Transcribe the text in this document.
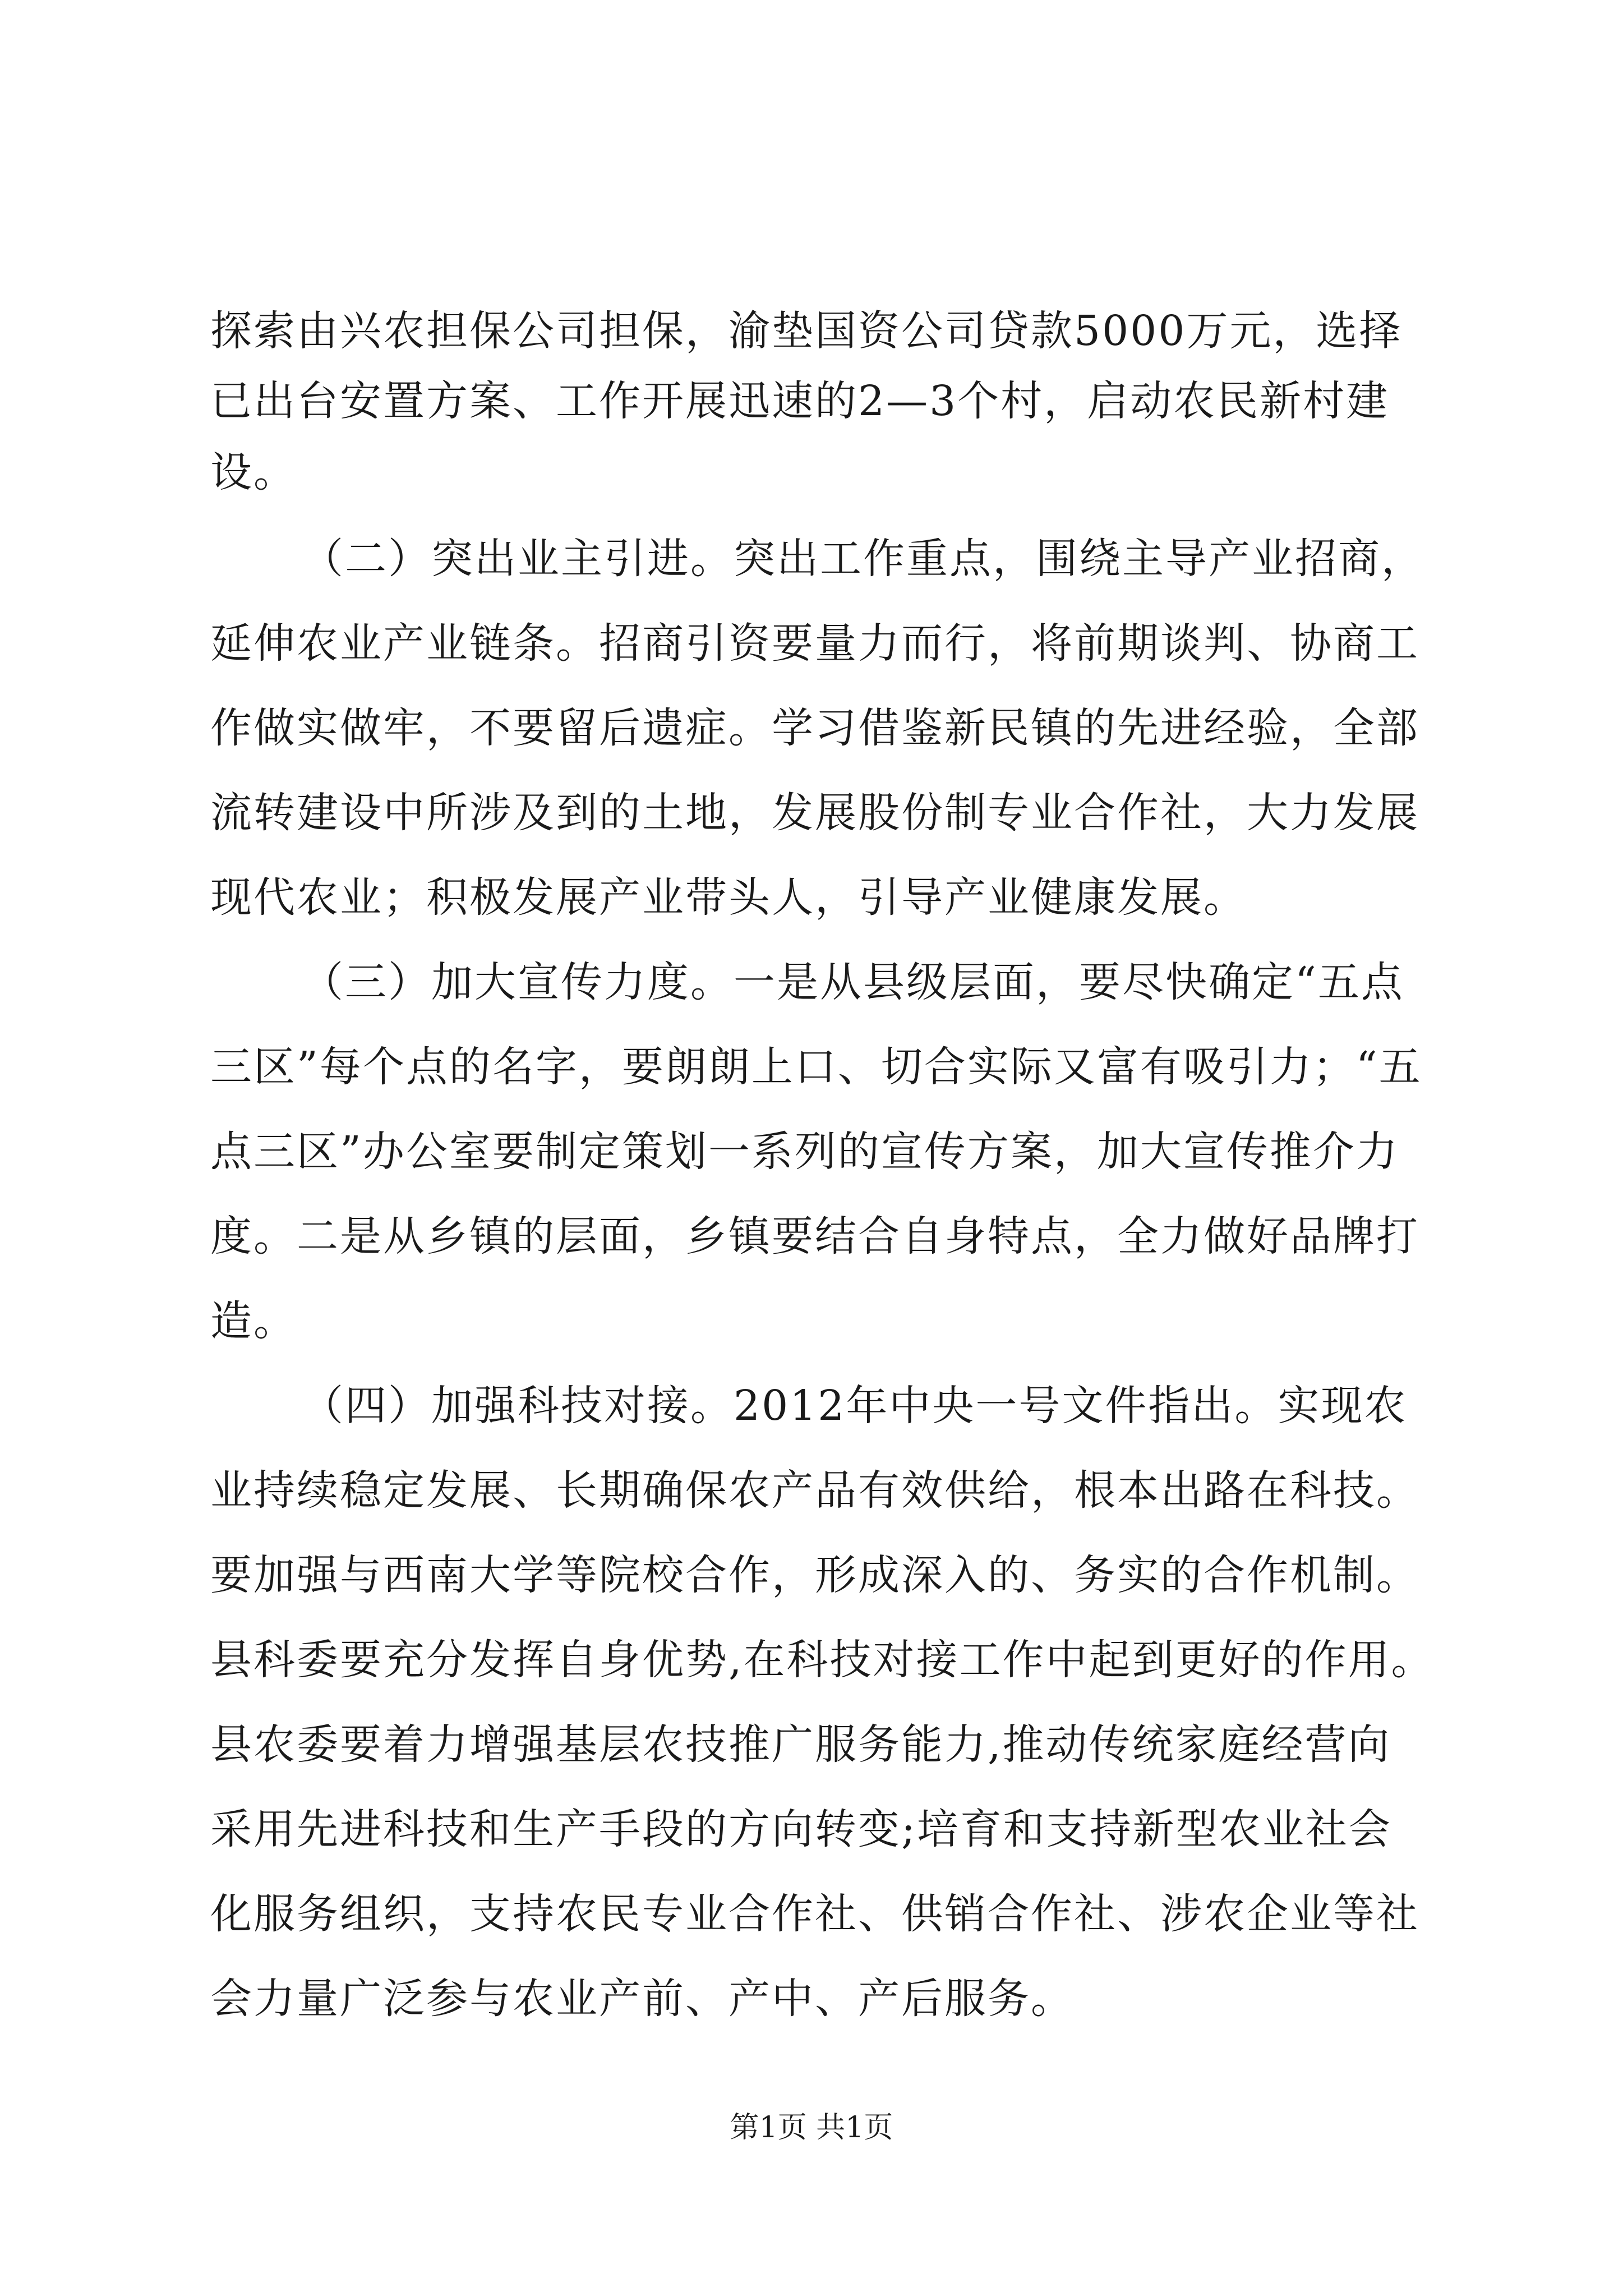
探索由兴农担保公司担保，渝垫国资公司贷款5000万元，选择
已出台安置方案、工作开展迅速的2—3个村，启动农民新村建
设。
（二）突出业主引进。突出工作重点，围绕主导产业招商，
延伸农业产业链条。招商引资要量力而行，将前期谈判、协商工
作做实做牢，不要留后遗症。学习借鉴新民镇的先进经验，全部
流转建设中所涉及到的土地，发展股份制专业合作社，大力发展
现代农业；积极发展产业带头人，引导产业健康发展。
（三）加大宣传力度。一是从县级层面，要尽快确定“五点
三区”每个点的名字，要朗朗上口、切合实际又富有吸引力；“五
点三区”办公室要制定策划一系列的宣传方案，加大宣传推介力
度。二是从乡镇的层面，乡镇要结合自身特点，全力做好品牌打
造。
（四）加强科技对接。2012年中央一号文件指出。实现农
业持续稳定发展、长期确保农产品有效供给，根本出路在科技。
要加强与西南大学等院校合作，形成深入的、务实的合作机制。
县科委要充分发挥自身优势,在科技对接工作中起到更好的作用。
县农委要着力增强基层农技推广服务能力,推动传统家庭经营向
采用先进科技和生产手段的方向转变;培育和支持新型农业社会
化服务组织，支持农民专业合作社、供销合作社、涉农企业等社
会力量广泛参与农业产前、产中、产后服务。
第1页 共1页
